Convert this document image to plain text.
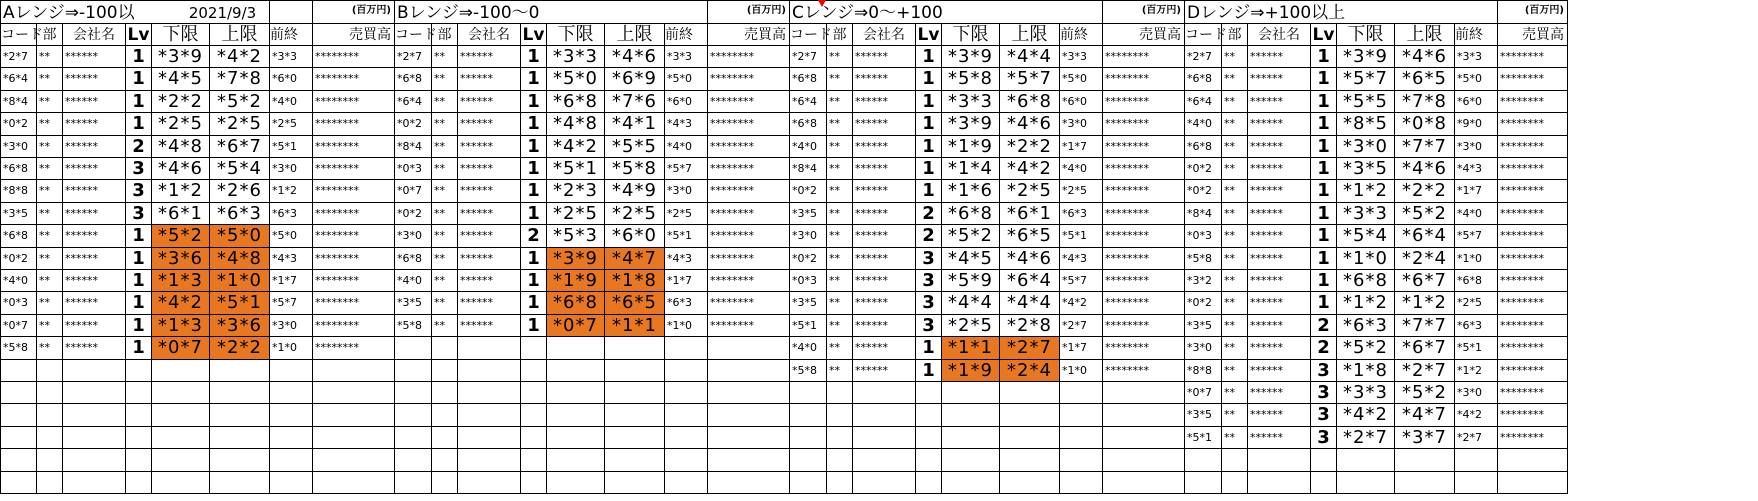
Aレンジ⇒-100以	2021/9/3	(百万円)
コード 部	会社名 Lv 下限	上限 前終	売買高
*2*7	**	******	1 *3*9 *4*2 *3*3	********
*6*4	**	******	1 *4*5 *7*8 *6*0	********
*8*4	**	******	1 *2*2 *5*2 *4*0	********
*0*2	**	******	1 *2*5 *2*5 *2*5	********
*3*0	**	******	2 *4*8 *6*7 *5*1	********
*6*8	**	******	3 *4*6 *5*4 *3*0	********
*8*8	**	******	3 *1*2 *2*6 *1*2	********
*3*5	**	******	3 *6*1 *6*3 *6*3	********
*6*8	**	******	1 *5*2 *5*0 *5*0	********
*0*2	**	******	1 *3*6 *4*8 *4*3	********
*4*0	**	******	1 *1*3 *1*0 *1*7	********
*0*3	**	******	1 *4*2 *5*1 *5*7	********
*0*7	**	******	1 *1*3 *3*6 *3*0	********
*5*8	**	******	1 *0*7 *2*2 *1*0	********
Bレンジ⇒-100～0	(百万円)
コード 部	会社名 Lv 下限	上限 前終	売買高
*2*7	**	******	1 *3*3 *4*6 *3*3	********
*6*8	**	******	1 *5*0 *6*9 *5*0	********
*6*4	**	******	1 *6*8 *7*6 *6*0	********
*0*2	**	******	1 *4*8 *4*1 *4*3	********
*8*4	**	******	1 *4*2 *5*5 *4*0	********
*0*3	**	******	1 *5*1 *5*8 *5*7	********
*0*7	**	******	1 *2*3 *4*9 *3*0	********
*0*2	**	******	1 *2*5 *2*5 *2*5	********
*3*0	**	******	2 *5*3 *6*0 *5*1	********
*6*8	**	******	1 *3*9 *4*7 *4*3	********
*4*0	**	******	1 *1*9 *1*8 *1*7	********
*3*5	**	******	1 *6*8 *6*5 *6*3	********
*5*8	**	******	1 *0*7 *1*1 *1*0	********
Cレンジ⇒0～+100	(百万円)
コード 部	会社名 Lv 下限	上限 前終	売買高
*2*7	**	******	1 *3*9 *4*4 *3*3	********
*6*8	**	******	1 *5*8 *5*7 *5*0	********
*6*4	**	******	1 *3*3 *6*8 *6*0	********
*6*8	**	******	1 *3*9 *4*6 *3*0	********
*4*0	**	******	1 *1*9 *2*2 *1*7	********
*8*4	**	******	1 *1*4 *4*2 *4*0	********
*0*2	**	******	1 *1*6 *2*5 *2*5	********
*3*5	**	******	2 *6*8 *6*1 *6*3	********
*3*0	**	******	2 *5*2 *6*5 *5*1	********
*0*2	**	******	3 *4*5 *4*6 *4*3	********
*0*3	**	******	3 *5*9 *6*4 *5*7	********
*3*5	**	******	3 *4*4 *4*4 *4*2	********
*5*1	**	******	3 *2*5 *2*8 *2*7	********
*4*0	**	******	1 *1*1 *2*7 *1*7	********
*5*8	**	******	1 *1*9 *2*4 *1*0	********
Dレンジ⇒+100以上	(百万円)
コード 部	会社名 Lv 下限	上限 前終	売買高
*2*7	**	******	1 *3*9 *4*6 *3*3	********
*6*8	**	******	1 *5*7 *6*5 *5*0	********
*6*4	**	******	1 *5*5 *7*8 *6*0	********
*4*0	**	******	1 *8*5 *0*8 *9*0	********
*6*8	**	******	1 *3*0 *7*7 *3*0	********
*0*2	**	******	1 *3*5 *4*6 *4*3	********
*0*2	**	******	1 *1*2 *2*2 *1*7	********
*8*4	**	******	1 *3*3 *5*2 *4*0	********
*0*3	**	******	1 *5*4 *6*4 *5*7	********
*5*8	**	******	1 *1*0 *2*4 *1*0	********
*3*2	**	******	1 *6*8 *6*7 *6*8	********
*0*2	**	******	1 *1*2 *1*2 *2*5	********
*3*5	**	******	2 *6*3 *7*7 *6*3	********
*3*0	**	******	2 *5*2 *6*7 *5*1	********
*8*8	**	******	3 *1*8 *2*7 *1*2	********
*0*7	**	******	3 *3*3 *5*2 *3*0	********
*3*5	**	******	3 *4*2 *4*7 *4*2	********
*5*1	**	******	3 *2*7 *3*7 *2*7	********
